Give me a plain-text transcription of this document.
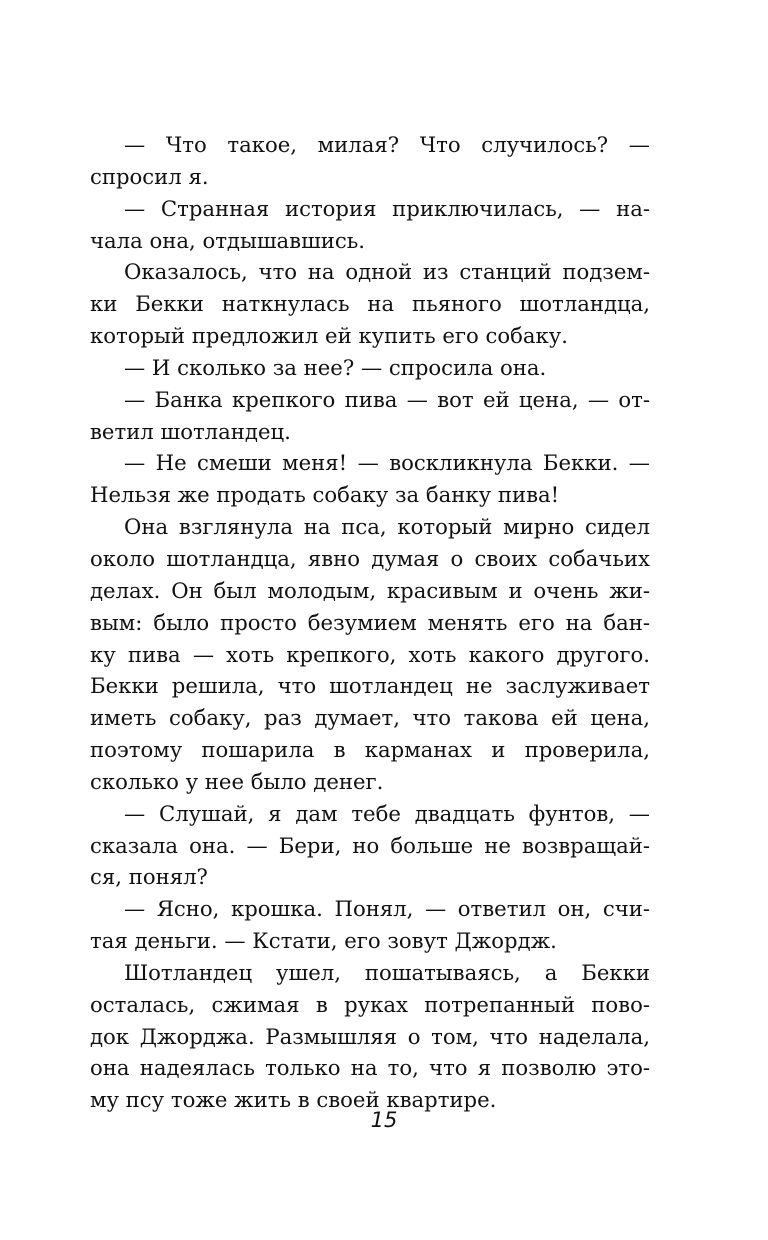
— Что такое, милая? Что случилось? —
спросил я.
— Странная история приключилась, — на-
чала она, отдышавшись.
Оказалось, что на одной из станций подзем-
ки Бекки наткнулась на пьяного шотландца,
который предложил ей купить его собаку.
— И сколько за нее? — спросила она.
— Банка крепкого пива — вот ей цена, — от-
ветил шотландец.
— Не смеши меня! — воскликнула Бекки. —
Нельзя же продать собаку за банку пива!
Она взглянула на пса, который мирно сидел
около шотландца, явно думая о своих собачьих
делах. Он был молодым, красивым и очень жи-
вым: было просто безумием менять его на бан-
ку пива — хоть крепкого, хоть какого другого.
Бекки решила, что шотландец не заслуживает
иметь собаку, раз думает, что такова ей цена,
поэтому пошарила в карманах и проверила,
сколько у нее было денег.
— Слушай, я дам тебе двадцать фунтов, —
сказала она. — Бери, но больше не возвращай-
ся, понял?
— Ясно, крошка. Понял, — ответил он, счи-
тая деньги. — Кстати, его зовут Джордж.
Шотландец ушел, пошатываясь, а Бекки
осталась, сжимая в руках потрепанный пово-
док Джорджа. Размышляя о том, что наделала,
она надеялась только на то, что я позволю это-
му псу тоже жить в своей квартире.
15
